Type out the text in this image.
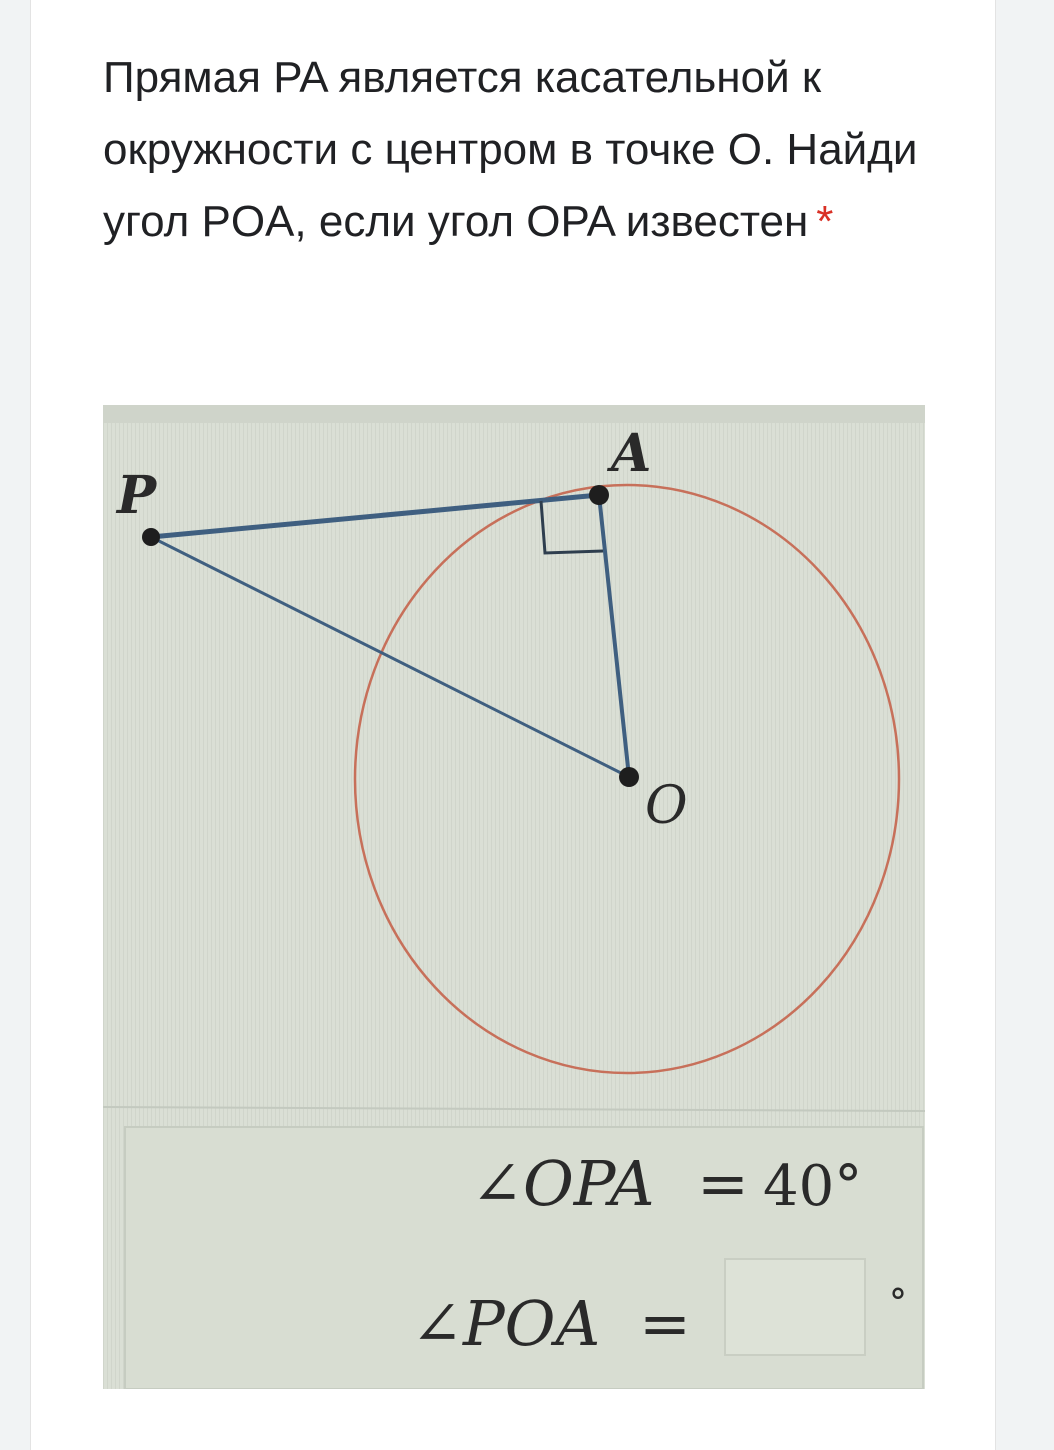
Прямая PA является касательной к окружности с центром в точке O. Найди угол POA, если угол OPA известен *
P
A
O
∠OPA = 40°
∠POA =	°
